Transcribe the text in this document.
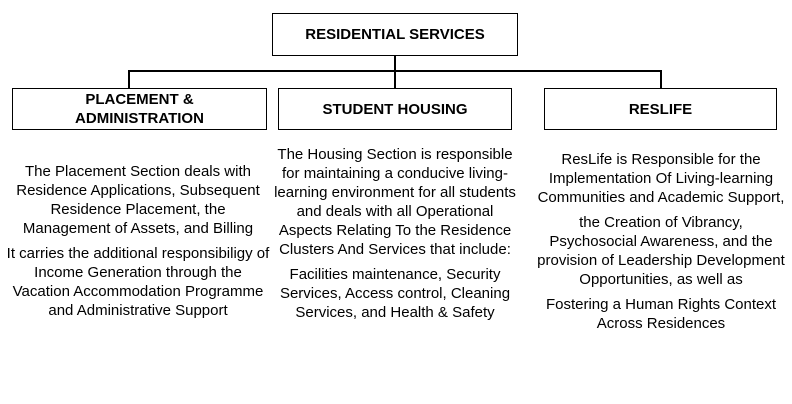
RESIDENTIAL SERVICES
PLACEMENT &
ADMINISTRATION
STUDENT HOUSING	RESLIFE

The Placement Section deals with Residence Applications, Subsequent Residence Placement, the Management of Assets, and Billing

It carries the additional responsibiligy of Income Generation through the Vacation Accommodation Programme and Administrative Support

The Housing Section is responsible for maintaining a conducive living-learning environment for all students and deals with all Operational Aspects Relating To the Residence Clusters And Services that include:

Facilities maintenance, Security Services, Access control, Cleaning Services, and Health & Safety

ResLife is Responsible for the Implementation Of Living-learning Communities and Academic Support,

the Creation of Vibrancy, Psychosocial Awareness, and the provision of Leadership Development Opportunities, as well as

Fostering a Human Rights Context Across Residences
